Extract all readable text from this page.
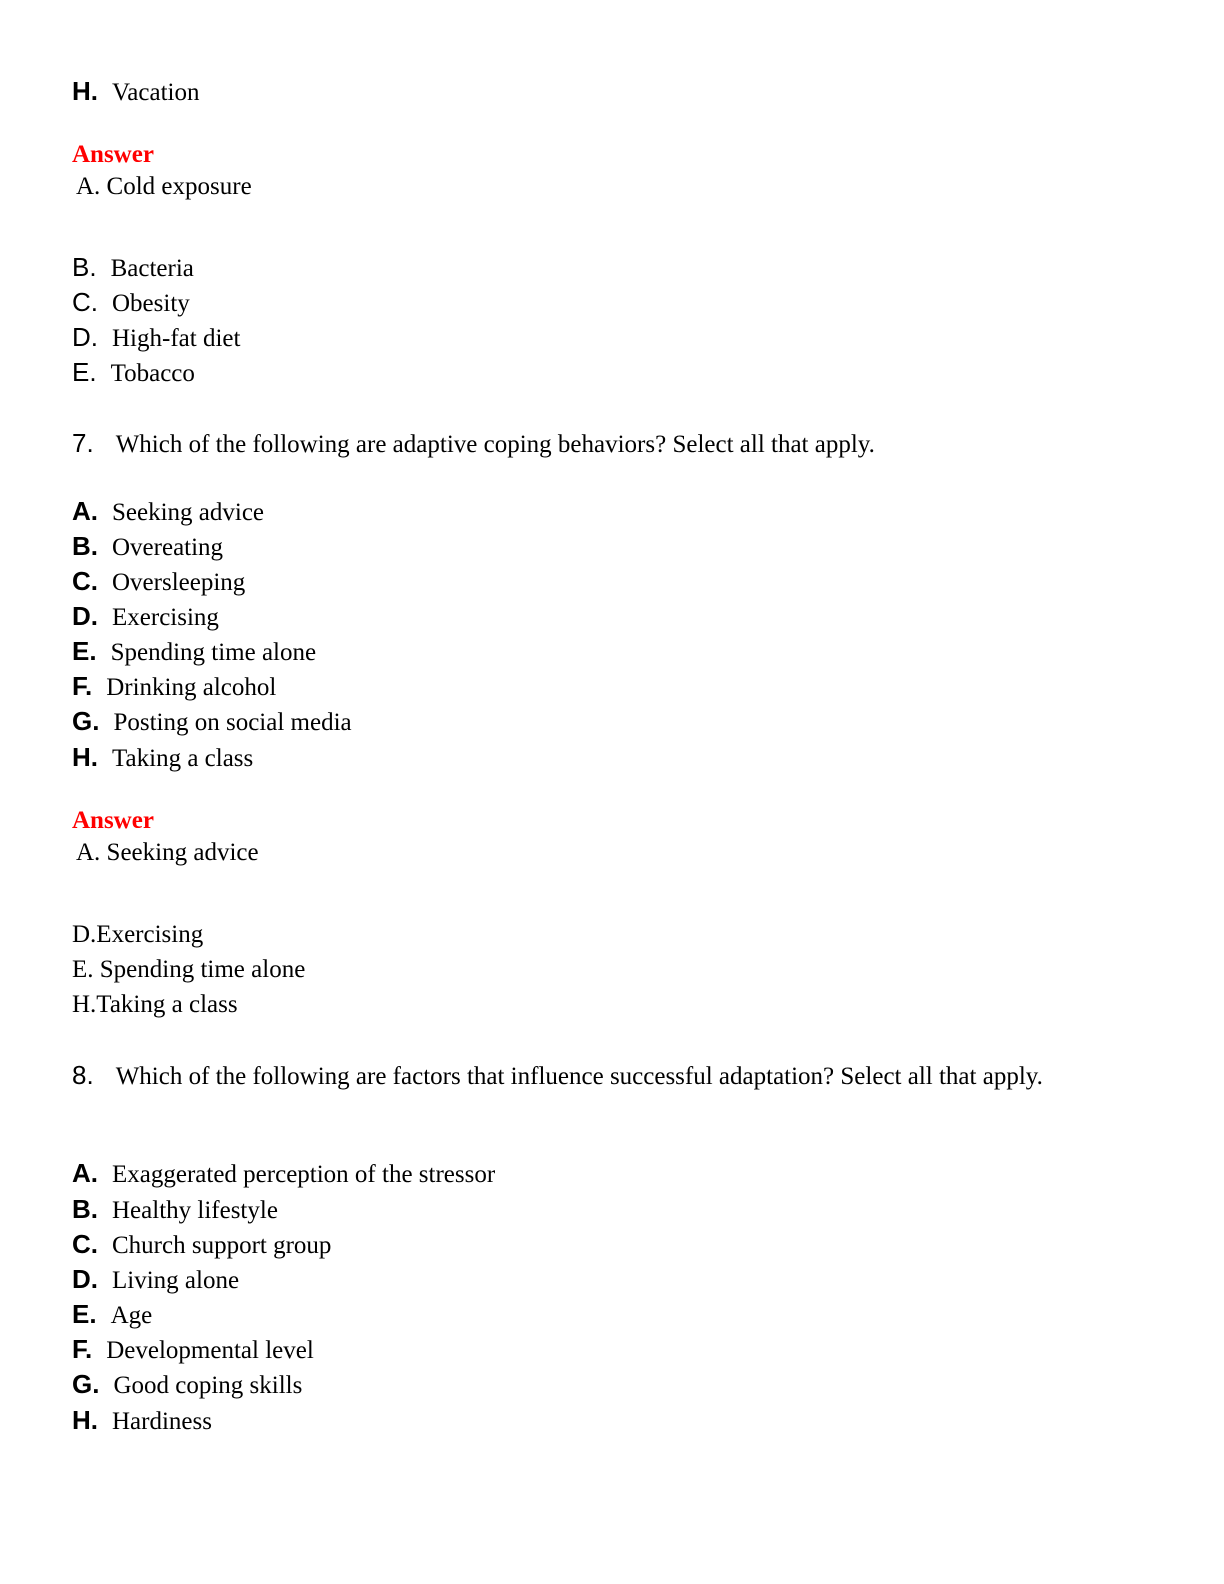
H. Vacation
Answer
A. Cold exposure
B. Bacteria
C. Obesity
D. High-fat diet
E. Tobacco
7. Which of the following are adaptive coping behaviors? Select all that apply.
A. Seeking advice
B. Overeating
C. Oversleeping
D. Exercising
E. Spending time alone
F. Drinking alcohol
G. Posting on social media
H. Taking a class
Answer
A. Seeking advice
D.Exercising
E. Spending time alone
H.Taking a class
8. Which of the following are factors that influence successful adaptation? Select all that apply.
A. Exaggerated perception of the stressor
B. Healthy lifestyle
C. Church support group
D. Living alone
E. Age
F. Developmental level
G. Good coping skills
H. Hardiness
